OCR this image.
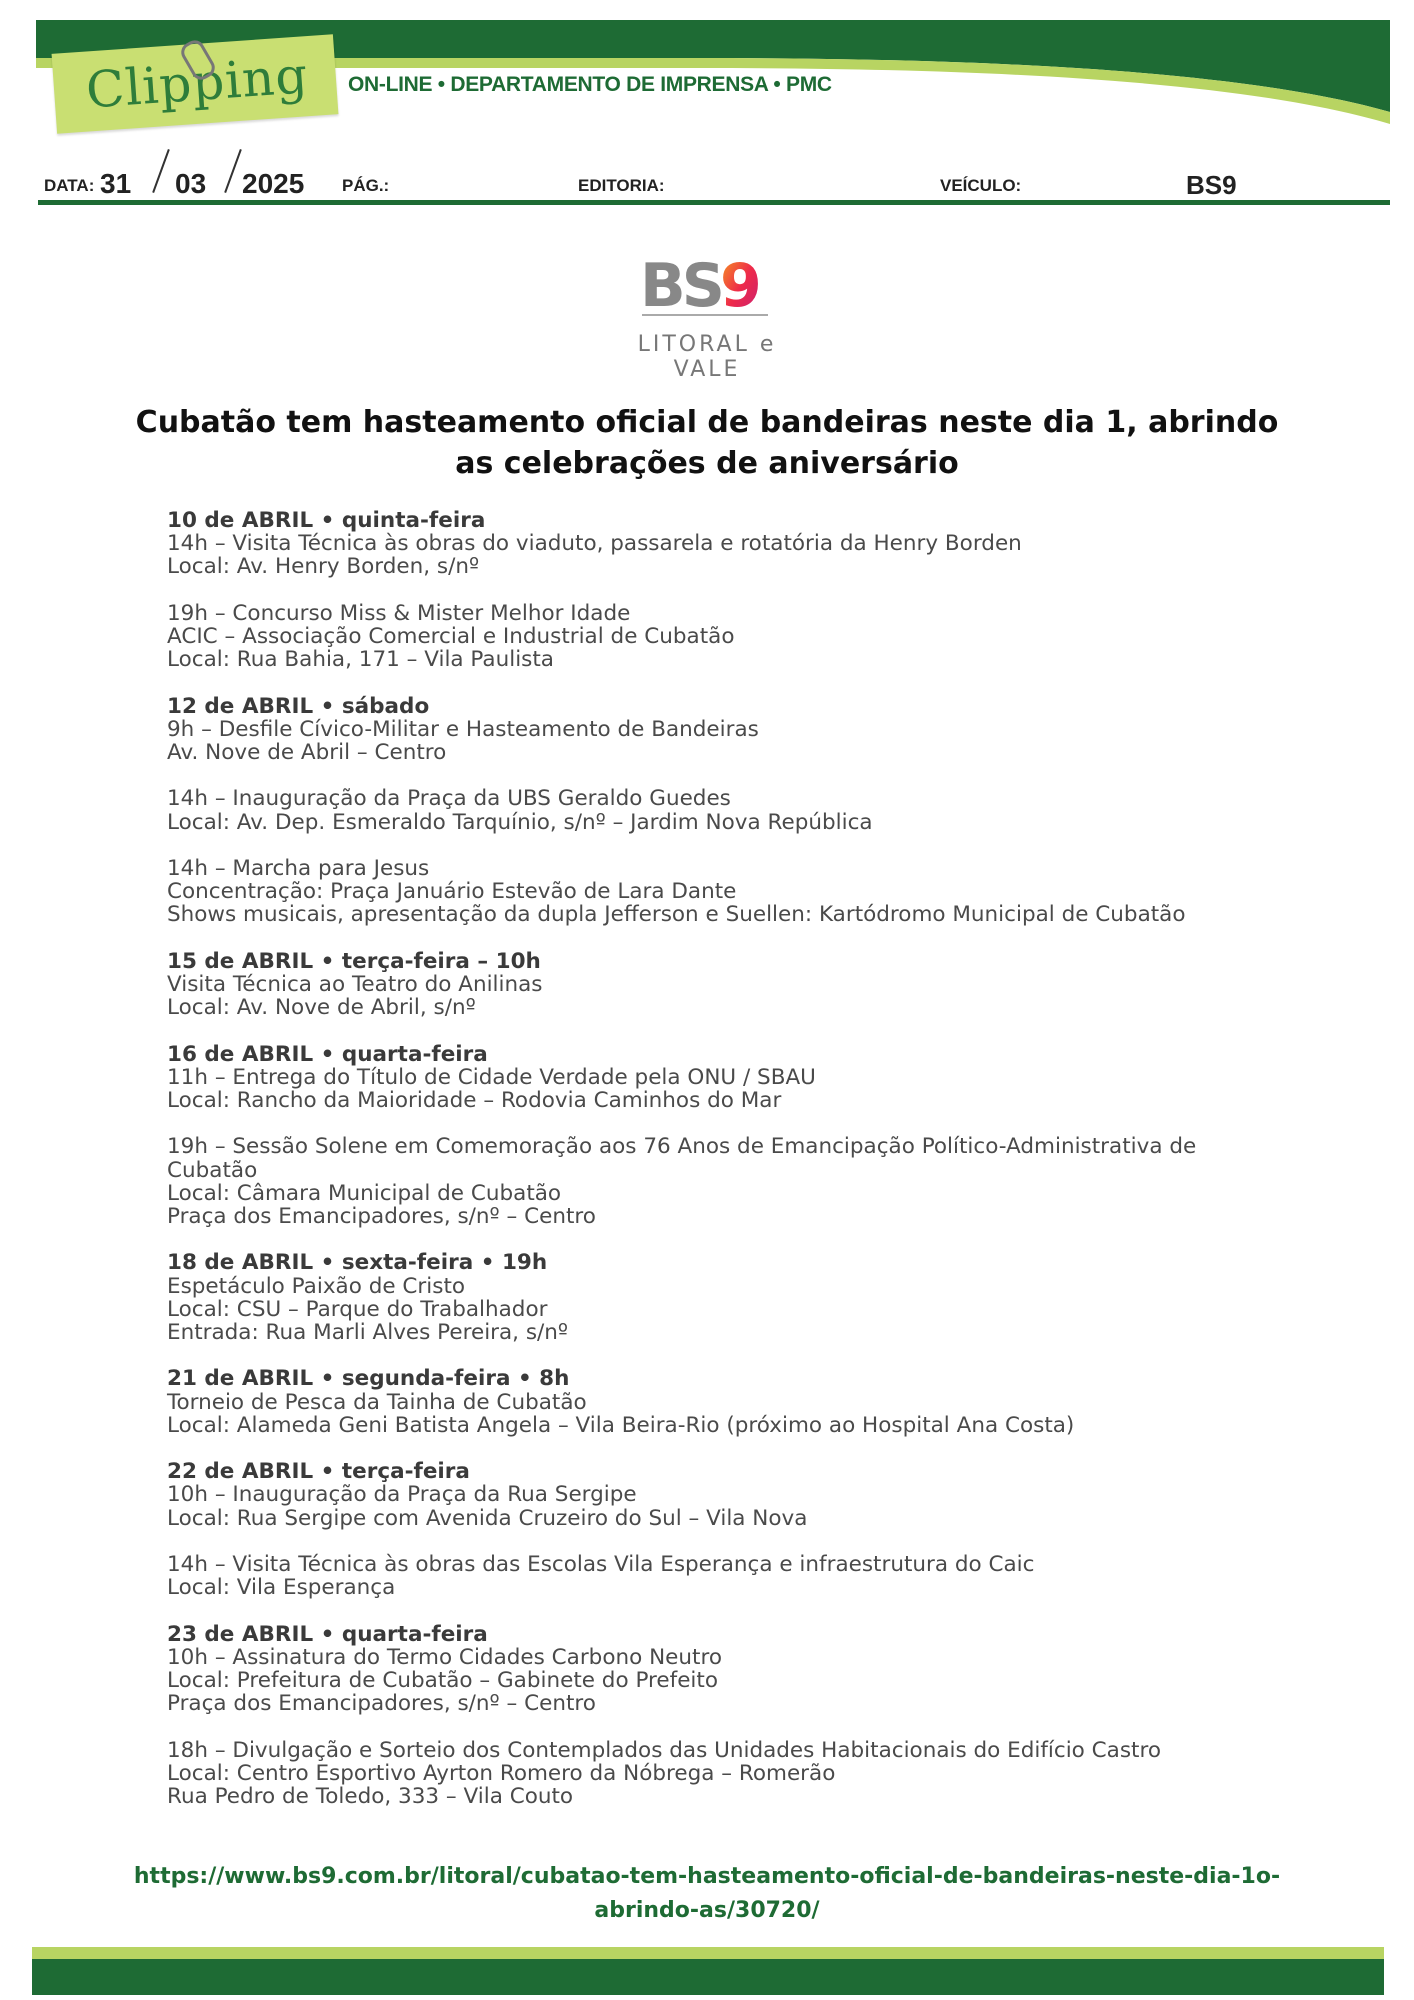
Clipping ON-LINE • DEPARTAMENTO DE IMPRENSA • PMC
DATA: 31 03 2025 PÁG.:	EDITORIA:	VEÍCULO:	BS9
BS 9
LITORAL e VALE
Cubatão tem hasteamento oficial de bandeiras neste dia 1, abrindo as celebrações de aniversário
10 de ABRIL • quinta-feira
14h – Visita Técnica às obras do viaduto, passarela e rotatória da Henry Borden
Local: Av. Henry Borden, s/nº
19h – Concurso Miss & Mister Melhor Idade
ACIC – Associação Comercial e Industrial de Cubatão
Local: Rua Bahia, 171 – Vila Paulista
12 de ABRIL • sábado
9h – Desfile Cívico-Militar e Hasteamento de Bandeiras
Av. Nove de Abril – Centro
14h – Inauguração da Praça da UBS Geraldo Guedes
Local: Av. Dep. Esmeraldo Tarquínio, s/nº – Jardim Nova República
14h – Marcha para Jesus
Concentração: Praça Januário Estevão de Lara Dante
Shows musicais, apresentação da dupla Jefferson e Suellen: Kartódromo Municipal de Cubatão
15 de ABRIL • terça-feira – 10h
Visita Técnica ao Teatro do Anilinas
Local: Av. Nove de Abril, s/nº
16 de ABRIL • quarta-feira
11h – Entrega do Título de Cidade Verdade pela ONU / SBAU
Local: Rancho da Maioridade – Rodovia Caminhos do Mar
19h – Sessão Solene em Comemoração aos 76 Anos de Emancipação Político-Administrativa de
Cubatão
Local: Câmara Municipal de Cubatão
Praça dos Emancipadores, s/nº – Centro
18 de ABRIL • sexta-feira • 19h
Espetáculo Paixão de Cristo
Local: CSU – Parque do Trabalhador
Entrada: Rua Marli Alves Pereira, s/nº
21 de ABRIL • segunda-feira • 8h
Torneio de Pesca da Tainha de Cubatão
Local: Alameda Geni Batista Angela – Vila Beira-Rio (próximo ao Hospital Ana Costa)
22 de ABRIL • terça-feira
10h – Inauguração da Praça da Rua Sergipe
Local: Rua Sergipe com Avenida Cruzeiro do Sul – Vila Nova
14h – Visita Técnica às obras das Escolas Vila Esperança e infraestrutura do Caic
Local: Vila Esperança
23 de ABRIL • quarta-feira
10h – Assinatura do Termo Cidades Carbono Neutro
Local: Prefeitura de Cubatão – Gabinete do Prefeito
Praça dos Emancipadores, s/nº – Centro
18h – Divulgação e Sorteio dos Contemplados das Unidades Habitacionais do Edifício Castro
Local: Centro Esportivo Ayrton Romero da Nóbrega – Romerão
Rua Pedro de Toledo, 333 – Vila Couto
https://www.bs9.com.br/litoral/cubatao-tem-hasteamento-oficial-de-bandeiras-neste-dia-1o-
abrindo-as/30720/
